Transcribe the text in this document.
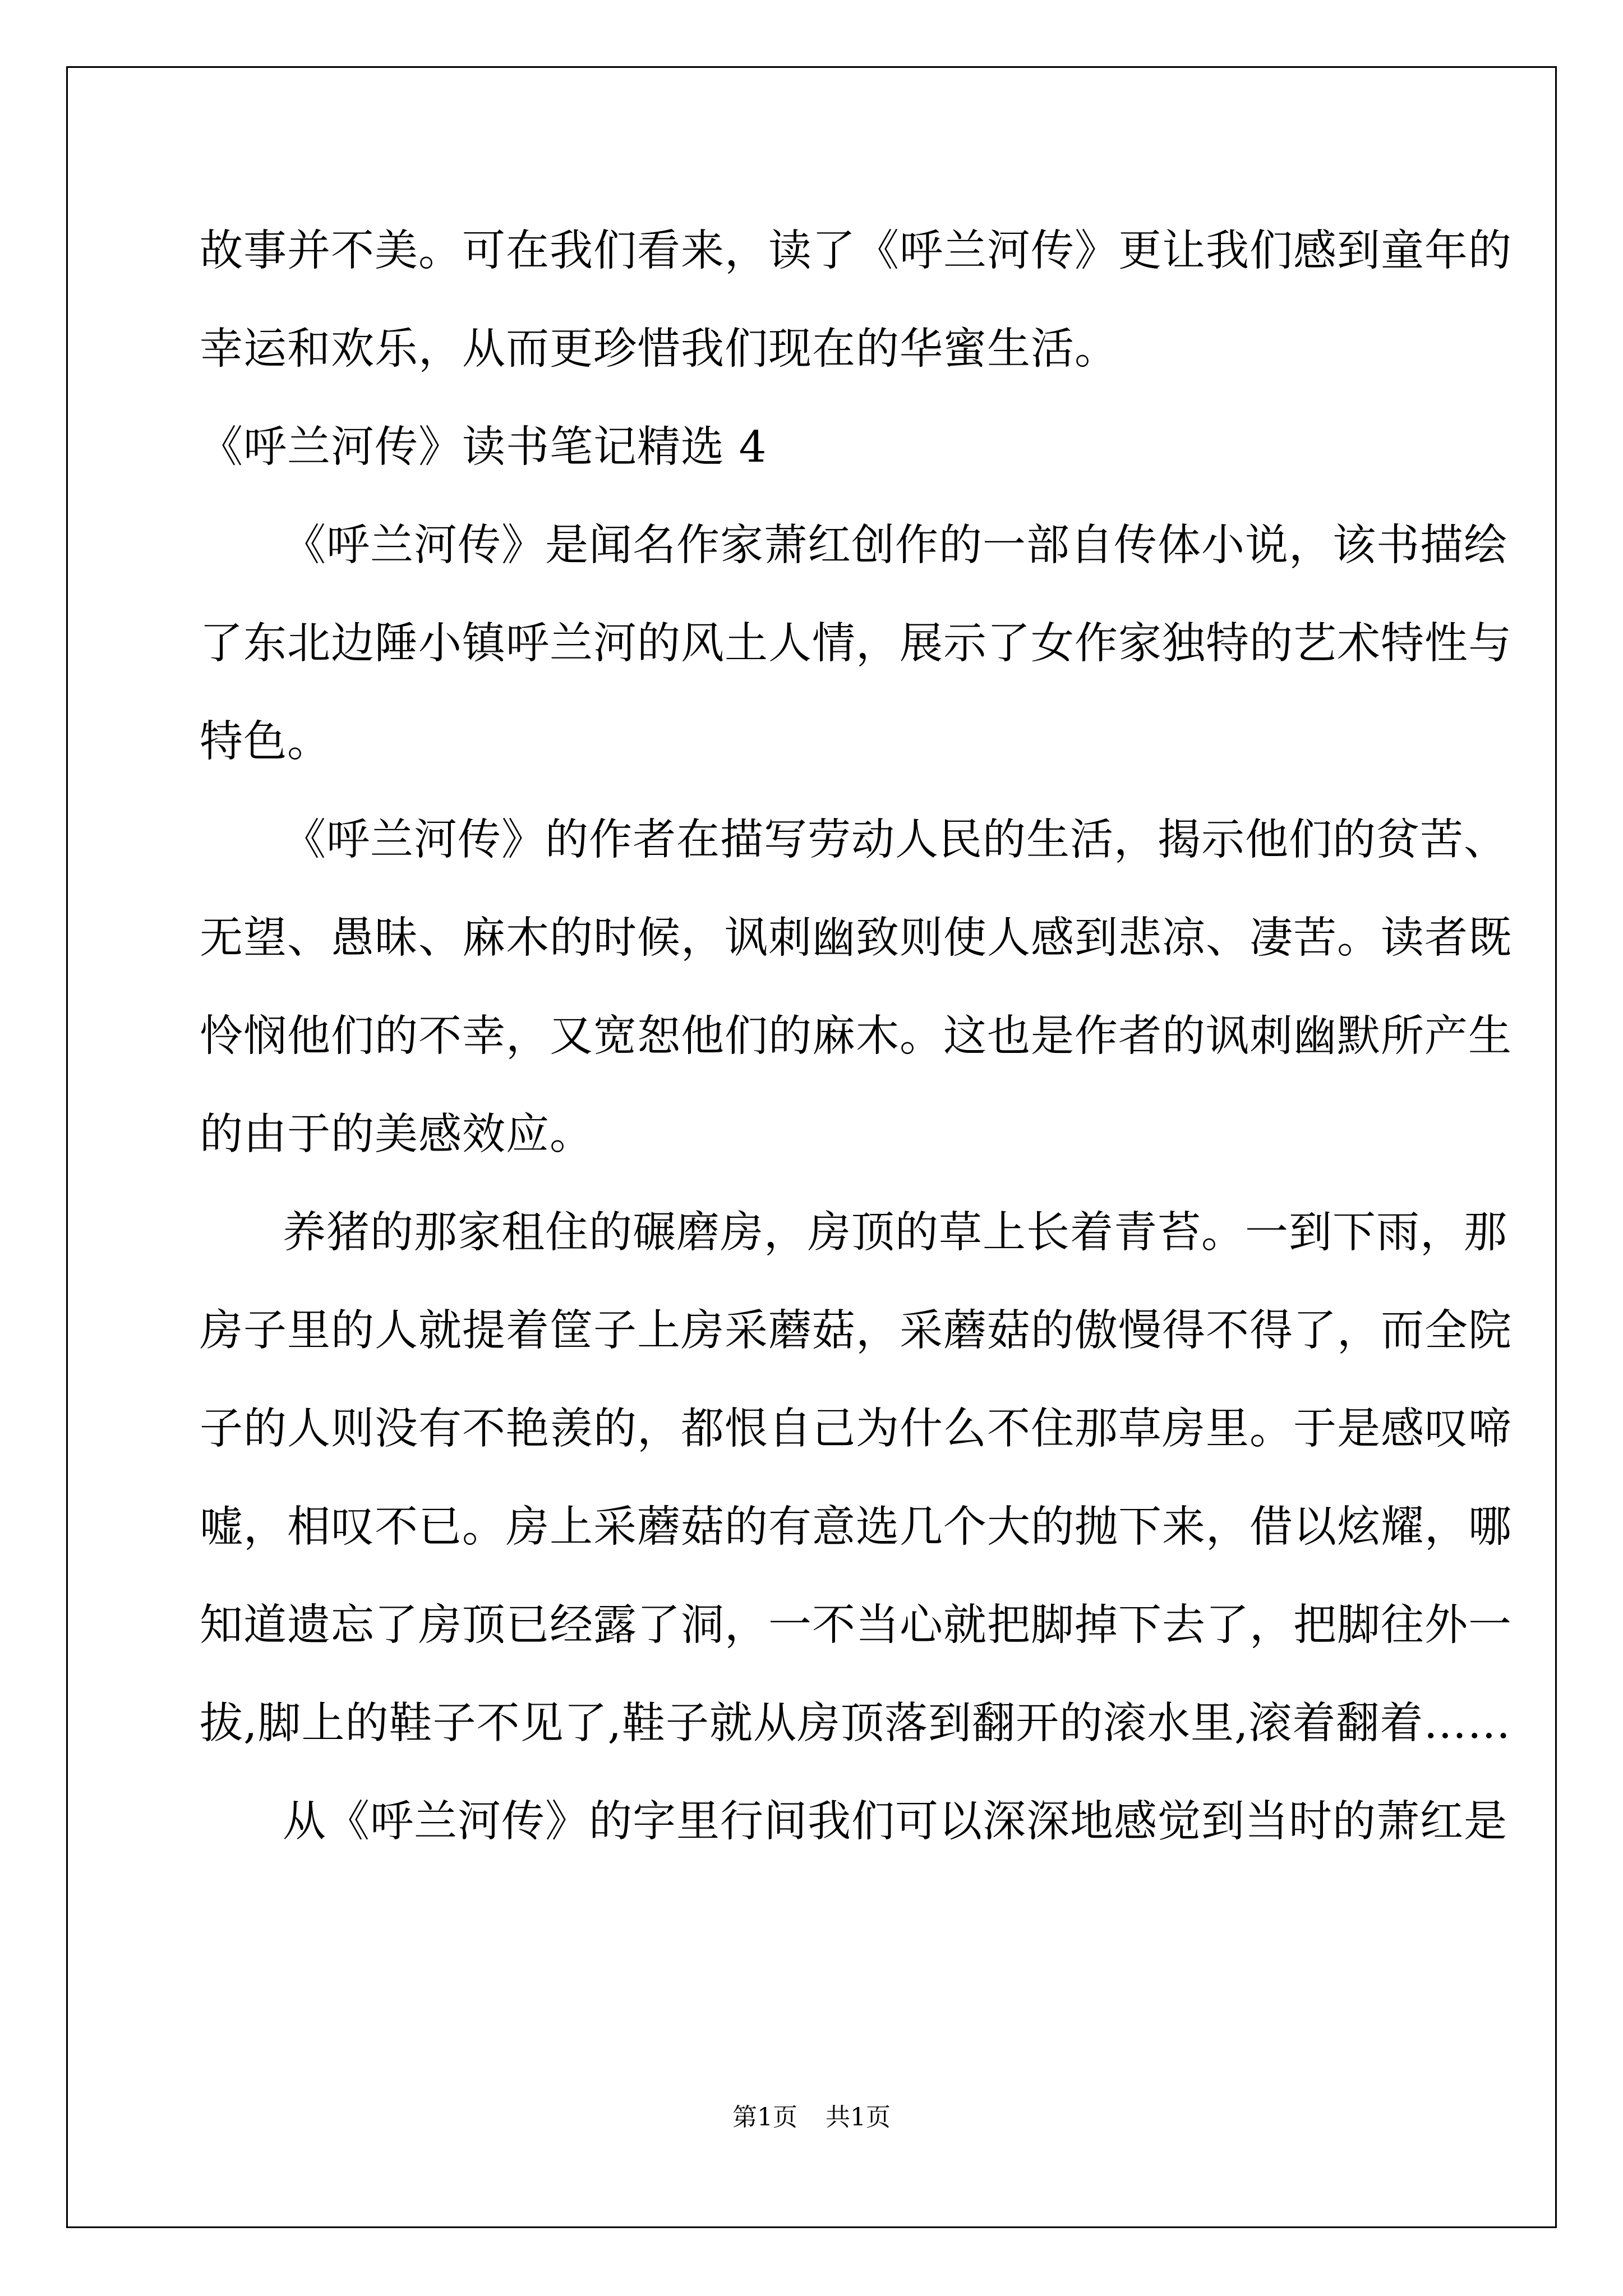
故事并不美。可在我们看来，读了《呼兰河传》更让我们感到童年的
幸运和欢乐，从而更珍惜我们现在的华蜜生活。
《呼兰河传》读书笔记精选 4
《呼兰河传》是闻名作家萧红创作的一部自传体小说，该书描绘
了东北边陲小镇呼兰河的风土人情，展示了女作家独特的艺术特性与
特色。
《呼兰河传》的作者在描写劳动人民的生活，揭示他们的贫苦、
无望、愚昧、麻木的时候，讽刺幽致则使人感到悲凉、凄苦。读者既
怜悯他们的不幸，又宽恕他们的麻木。这也是作者的讽刺幽默所产生
的由于的美感效应。
养猪的那家租住的碾磨房，房顶的草上长着青苔。一到下雨，那
房子里的人就提着筐子上房采蘑菇，采蘑菇的傲慢得不得了，而全院
子的人则没有不艳羡的，都恨自己为什么不住那草房里。于是感叹啼
嘘，相叹不已。房上采蘑菇的有意选几个大的抛下来，借以炫耀，哪
知道遗忘了房顶已经露了洞，一不当心就把脚掉下去了，把脚往外一
拔,脚上的鞋子不见了,鞋子就从房顶落到翻开的滚水里,滚着翻着……
从《呼兰河传》的字里行间我们可以深深地感觉到当时的萧红是
第1页 共1页
